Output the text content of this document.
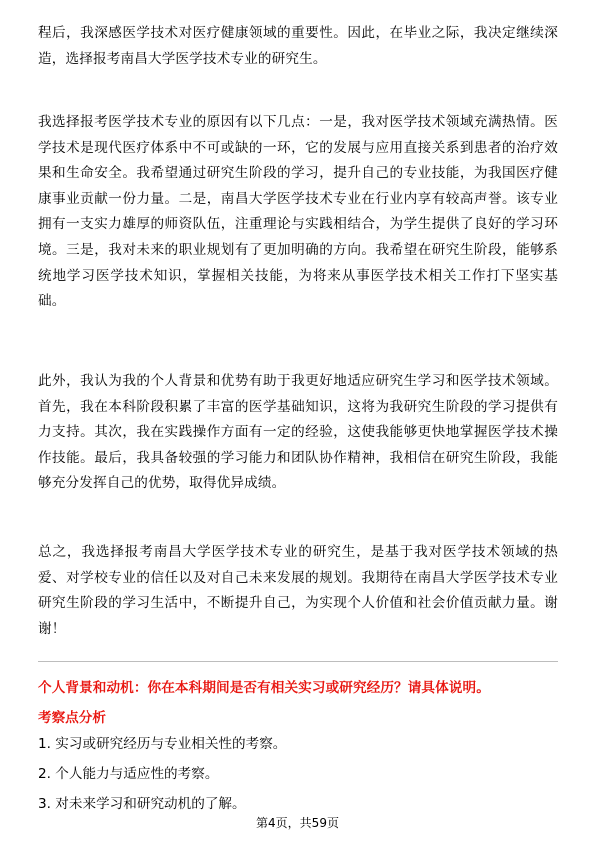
程后，我深感医学技术对医疗健康领域的重要性。因此，在毕业之际，我决定继续深造，选择报考南昌大学医学技术专业的研究生。

我选择报考医学技术专业的原因有以下几点：一是，我对医学技术领域充满热情。医学技术是现代医疗体系中不可或缺的一环，它的发展与应用直接关系到患者的治疗效果和生命安全。我希望通过研究生阶段的学习，提升自己的专业技能，为我国医疗健康事业贡献一份力量。二是，南昌大学医学技术专业在行业内享有较高声誉。该专业拥有一支实力雄厚的师资队伍，注重理论与实践相结合，为学生提供了良好的学习环境。三是，我对未来的职业规划有了更加明确的方向。我希望在研究生阶段，能够系统地学习医学技术知识，掌握相关技能，为将来从事医学技术相关工作打下坚实基础。

此外，我认为我的个人背景和优势有助于我更好地适应研究生学习和医学技术领域。首先，我在本科阶段积累了丰富的医学基础知识，这将为我研究生阶段的学习提供有力支持。其次，我在实践操作方面有一定的经验，这使我能够更快地掌握医学技术操作技能。最后，我具备较强的学习能力和团队协作精神，我相信在研究生阶段，我能够充分发挥自己的优势，取得优异成绩。

总之，我选择报考南昌大学医学技术专业的研究生，是基于我对医学技术领域的热爱、对学校专业的信任以及对自己未来发展的规划。我期待在南昌大学医学技术专业研究生阶段的学习生活中，不断提升自己，为实现个人价值和社会价值贡献力量。谢谢！

个人背景和动机：你在本科期间是否有相关实习或研究经历？请具体说明。

考察点分析

1. 实习或研究经历与专业相关性的考察。
2. 个人能力与适应性的考察。
3. 对未来学习和研究动机的了解。

第4页，共59页
